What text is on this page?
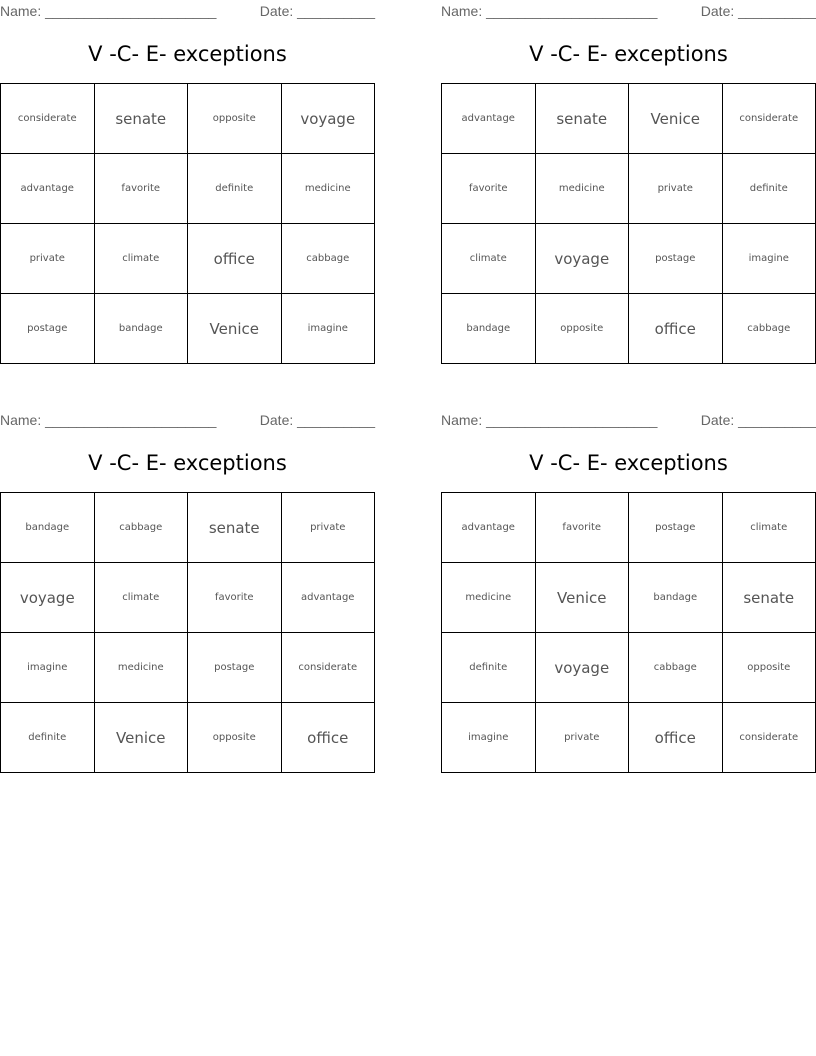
Name: ______________________	Date: __________
V -C- E- exceptions
considerate	senate	opposite	voyage
advantage	favorite	definite	medicine
private	climate	office	cabbage
postage	bandage	Venice	imagine
Name: ______________________	Date: __________
V -C- E- exceptions
advantage	senate	Venice	considerate
favorite	medicine	private	definite
climate	voyage	postage	imagine
bandage	opposite	office	cabbage
Name: ______________________	Date: __________
V -C- E- exceptions
bandage	cabbage	senate	private
voyage	climate	favorite	advantage
imagine	medicine	postage	considerate
definite	Venice	opposite	office
Name: ______________________	Date: __________
V -C- E- exceptions
advantage	favorite	postage	climate
medicine	Venice	bandage	senate
definite	voyage	cabbage	opposite
imagine	private	office	considerate
